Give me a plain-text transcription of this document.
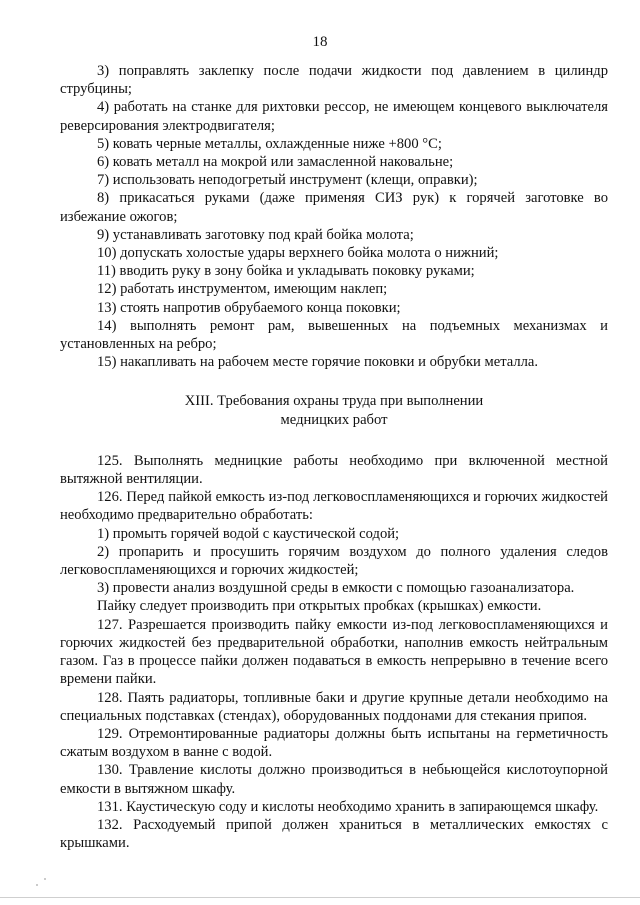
18

3) поправлять заклепку после подачи жидкости под давлением в цилиндр струбцины;

4) работать на станке для рихтовки рессор, не имеющем концевого выключателя реверсирования электродвигателя;

5) ковать черные металлы, охлажденные ниже +800 °С;

6) ковать металл на мокрой или замасленной наковальне;

7) использовать неподогретый инструмент (клещи, оправки);

8) прикасаться руками (даже применяя СИЗ рук) к горячей заготовке во избежание ожогов;

9) устанавливать заготовку под край бойка молота;

10) допускать холостые удары верхнего бойка молота о нижний;

11) вводить руку в зону бойка и укладывать поковку руками;

12) работать инструментом, имеющим наклеп;

13) стоять напротив обрубаемого конца поковки;

14) выполнять ремонт рам, вывешенных на подъемных механизмах и установленных на ребро;

15) накапливать на рабочем месте горячие поковки и обрубки металла.

XIII. Требования охраны труда при выполнении
медницких работ

125. Выполнять медницкие работы необходимо при включенной местной вытяжной вентиляции.

126. Перед пайкой емкость из-под легковоспламеняющихся и горючих жидкостей необходимо предварительно обработать:

1) промыть горячей водой с каустической содой;

2) пропарить и просушить горячим воздухом до полного удаления следов легковоспламеняющихся и горючих жидкостей;

3) провести анализ воздушной среды в емкости с помощью газоанализатора.

Пайку следует производить при открытых пробках (крышках) емкости.

127. Разрешается производить пайку емкости из-под легковоспламеняющихся и горючих жидкостей без предварительной обработки, наполнив емкость нейтральным газом. Газ в процессе пайки должен подаваться в емкость непрерывно в течение всего времени пайки.

128. Паять радиаторы, топливные баки и другие крупные детали необходимо на специальных подставках (стендах), оборудованных поддонами для стекания припоя.

129. Отремонтированные радиаторы должны быть испытаны на герметичность сжатым воздухом в ванне с водой.

130. Травление кислоты должно производиться в небьющейся кислотоупорной емкости в вытяжном шкафу.

131. Каустическую соду и кислоты необходимо хранить в запирающемся шкафу.

132. Расходуемый припой должен храниться в металлических емкостях с крышками.
